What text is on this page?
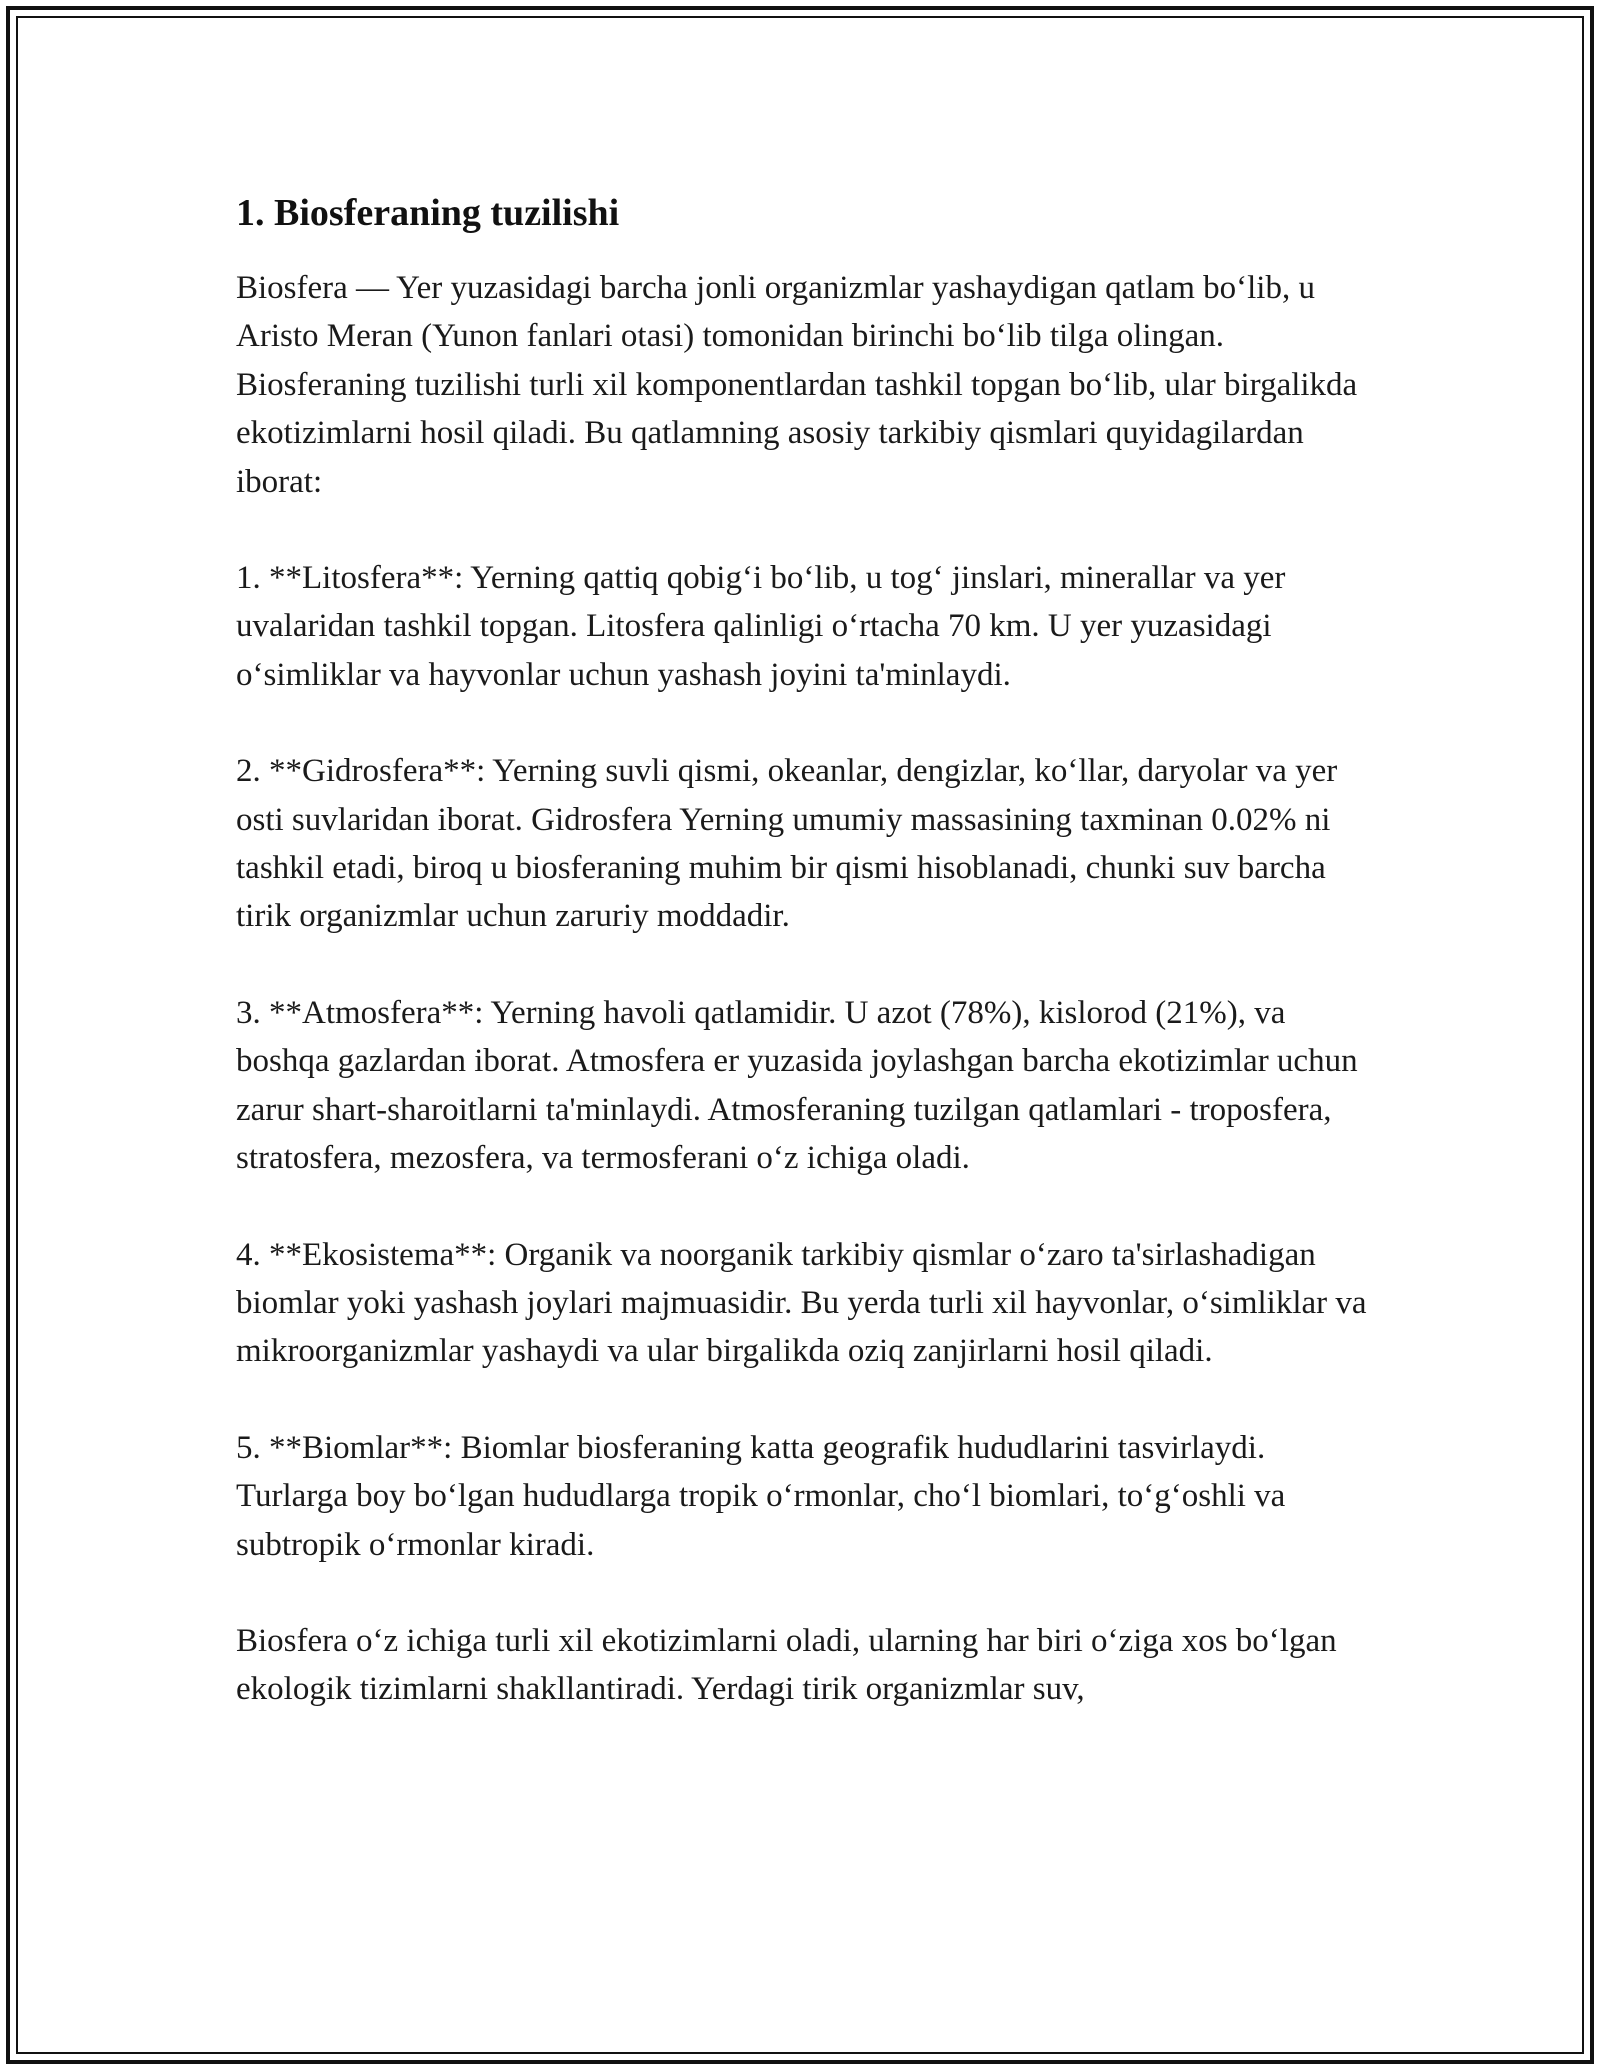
1. Biosferaning tuzilishi

Biosfera — Yer yuzasidagi barcha jonli organizmlar yashaydigan qatlam bo‘lib, u Aristo Meran (Yunon fanlari otasi) tomonidan birinchi bo‘lib tilga olingan. Biosferaning tuzilishi turli xil komponentlardan tashkil topgan bo‘lib, ular birgalikda ekotizimlarni hosil qiladi. Bu qatlamning asosiy tarkibiy qismlari quyidagilardan iborat:

1. **Litosfera**: Yerning qattiq qobig‘i bo‘lib, u tog‘ jinslari, minerallar va yer uvalaridan tashkil topgan. Litosfera qalinligi o‘rtacha 70 km. U yer yuzasidagi o‘simliklar va hayvonlar uchun yashash joyini ta'minlaydi.

2. **Gidrosfera**: Yerning suvli qismi, okeanlar, dengizlar, ko‘llar, daryolar va yer osti suvlaridan iborat. Gidrosfera Yerning umumiy massasining taxminan 0.02% ni tashkil etadi, biroq u biosferaning muhim bir qismi hisoblanadi, chunki suv barcha tirik organizmlar uchun zaruriy moddadir.

3. **Atmosfera**: Yerning havoli qatlamidir. U azot (78%), kislorod (21%), va boshqa gazlardan iborat. Atmosfera er yuzasida joylashgan barcha ekotizimlar uchun zarur shart-sharoitlarni ta'minlaydi. Atmosferaning tuzilgan qatlamlari - troposfera, stratosfera, mezosfera, va termosferani o‘z ichiga oladi.

4. **Ekosistema**: Organik va noorganik tarkibiy qismlar o‘zaro ta'sirlashadigan biomlar yoki yashash joylari majmuasidir. Bu yerda turli xil hayvonlar, o‘simliklar va mikroorganizmlar yashaydi va ular birgalikda oziq zanjirlarni hosil qiladi.

5. **Biomlar**: Biomlar biosferaning katta geografik hududlarini tasvirlaydi. Turlarga boy bo‘lgan hududlarga tropik o‘rmonlar, cho‘l biomlari, to‘g‘oshli va subtropik o‘rmonlar kiradi.

Biosfera o‘z ichiga turli xil ekotizimlarni oladi, ularning har biri o‘ziga xos bo‘lgan ekologik tizimlarni shakllantiradi. Yerdagi tirik organizmlar suv,
